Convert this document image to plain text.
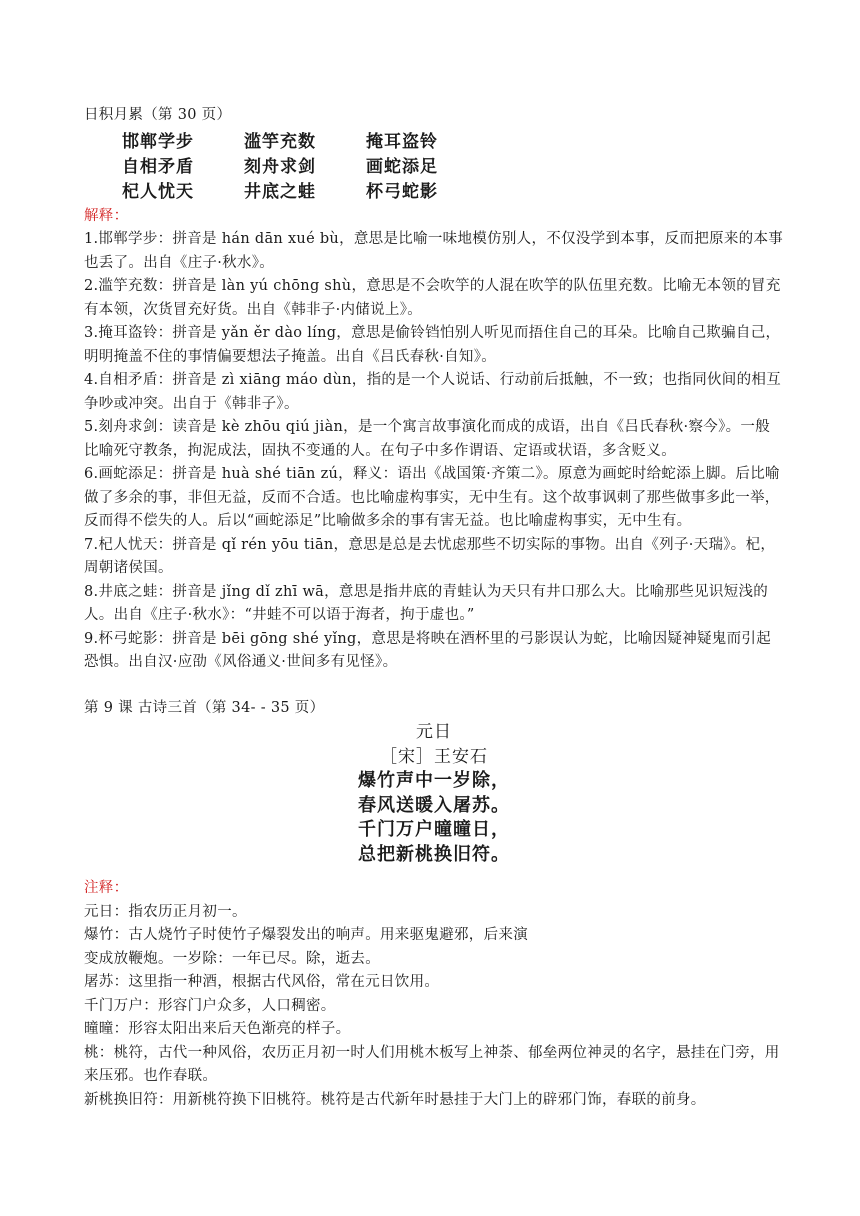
日积月累（第 30 页）
邯郸学步	滥竽充数	掩耳盗铃
自相矛盾	刻舟求剑	画蛇添足
杞人忧天	井底之蛙	杯弓蛇影
解释：

1.邯郸学步：拼音是 hán dān xué bù，意思是比喻一味地模仿别人，不仅没学到本事，反而把原来的本事也丢了。出自《庄子·秋水》。

2.滥竽充数：拼音是 làn yú chōng shù，意思是不会吹竽的人混在吹竽的队伍里充数。比喻无本领的冒充有本领，次货冒充好货。出自《韩非子·内储说上》。

3.掩耳盗铃：拼音是 yǎn ěr dào líng，意思是偷铃铛怕别人听见而捂住自己的耳朵。比喻自己欺骗自己，明明掩盖不住的事情偏要想法子掩盖。出自《吕氏春秋·自知》。

4.自相矛盾：拼音是 zì xiāng máo dùn，指的是一个人说话、行动前后抵触，不一致；也指同伙间的相互争吵或冲突。出自于《韩非子》。

5.刻舟求剑：读音是 kè zhōu qiú jiàn，是一个寓言故事演化而成的成语，出自《吕氏春秋·察今》。一般比喻死守教条，拘泥成法，固执不变通的人。在句子中多作谓语、定语或状语，多含贬义。

6.画蛇添足：拼音是 huà shé tiān zú，释义：语出《战国策·齐策二》。原意为画蛇时给蛇添上脚。后比喻做了多余的事，非但无益，反而不合适。也比喻虚构事实，无中生有。这个故事讽刺了那些做事多此一举，反而得不偿失的人。后以“画蛇添足”比喻做多余的事有害无益。也比喻虚构事实，无中生有。

7.杞人忧天：拼音是 qǐ rén yōu tiān，意思是总是去忧虑那些不切实际的事物。出自《列子·天瑞》。杞，周朝诸侯国。

8.井底之蛙：拼音是 jǐng dǐ zhī wā，意思是指井底的青蛙认为天只有井口那么大。比喻那些见识短浅的人。出自《庄子·秋水》：“井蛙不可以语于海者，拘于虚也。”

9.杯弓蛇影：拼音是 bēi gōng shé yǐng，意思是将映在酒杯里的弓影误认为蛇，比喻因疑神疑鬼而引起恐惧。出自汉·应劭《风俗通义·世间多有见怪》。

第 9 课 古诗三首（第 34- - 35 页）
元日
［宋］王安石
爆竹声中一岁除，
春风送暖入屠苏。
千门万户曈曈日，
总把新桃换旧符。
注释：

元日：指农历正月初一。

爆竹：古人烧竹子时使竹子爆裂发出的响声。用来驱鬼避邪，后来演

变成放鞭炮。一岁除：一年已尽。除，逝去。

屠苏：这里指一种酒，根据古代风俗，常在元日饮用。

千门万户：形容门户众多，人口稠密。

曈曈：形容太阳出来后天色渐亮的样子。

桃：桃符，古代一种风俗，农历正月初一时人们用桃木板写上神荼、郁垒两位神灵的名字，悬挂在门旁，用来压邪。也作春联。

新桃换旧符：用新桃符换下旧桃符。桃符是古代新年时悬挂于大门上的辟邪门饰，春联的前身。
